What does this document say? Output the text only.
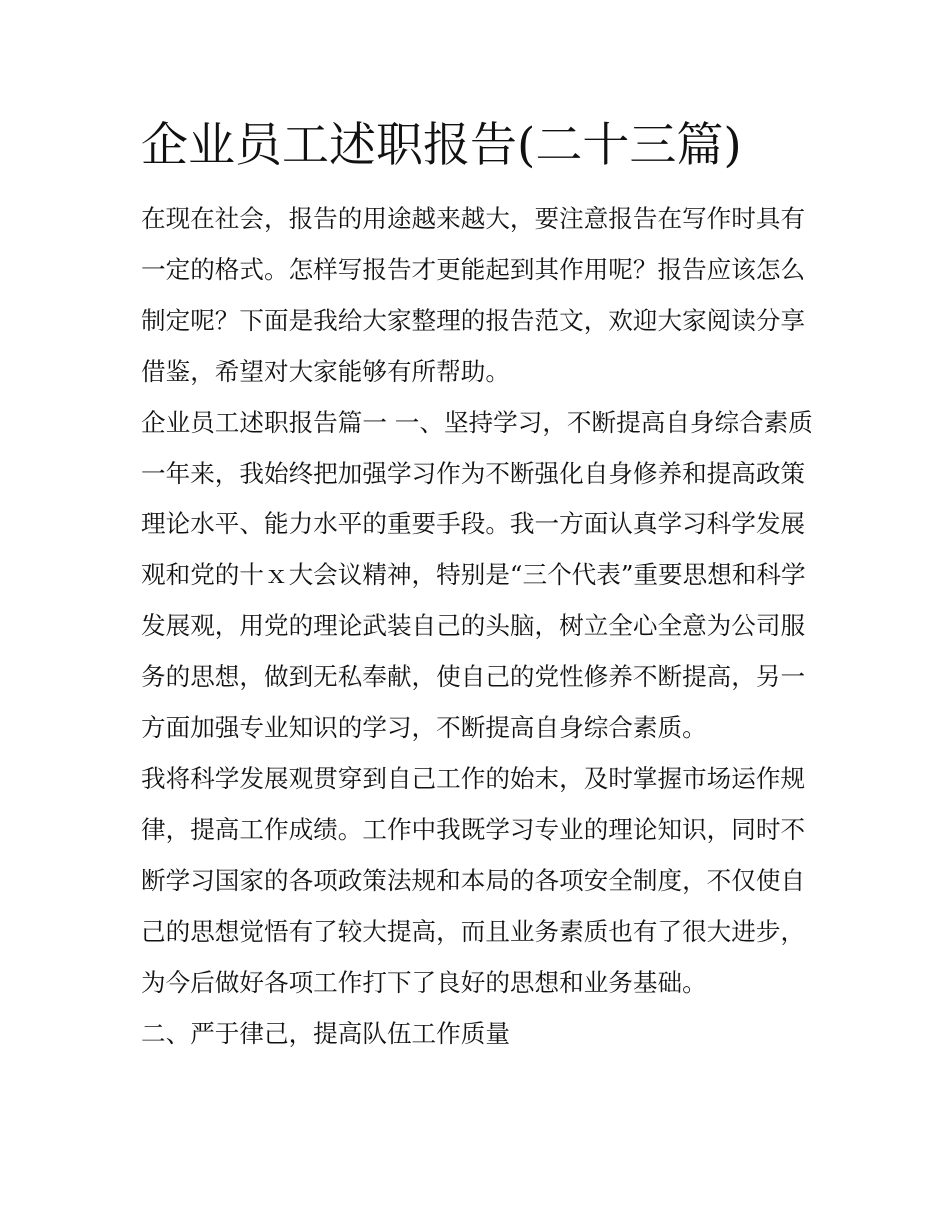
企业员工述职报告(二十三篇)

在现在社会，报告的用途越来越大，要注意报告在写作时具有一定的格式。怎样写报告才更能起到其作用呢？报告应该怎么制定呢？下面是我给大家整理的报告范文，欢迎大家阅读分享借鉴，希望对大家能够有所帮助。

企业员工述职报告篇一 一、坚持学习，不断提高自身综合素质

一年来，我始终把加强学习作为不断强化自身修养和提高政策理论水平、能力水平的重要手段。我一方面认真学习科学发展观和党的十ｘ大会议精神，特别是“三个代表”重要思想和科学发展观，用党的理论武装自己的头脑，树立全心全意为公司服务的思想，做到无私奉献，使自己的党性修养不断提高，另一方面加强专业知识的学习，不断提高自身综合素质。

我将科学发展观贯穿到自己工作的始末，及时掌握市场运作规律，提高工作成绩。工作中我既学习专业的理论知识，同时不断学习国家的各项政策法规和本局的各项安全制度，不仅使自己的思想觉悟有了较大提高，而且业务素质也有了很大进步，为今后做好各项工作打下了良好的思想和业务基础。

二、严于律己，提高队伍工作质量
